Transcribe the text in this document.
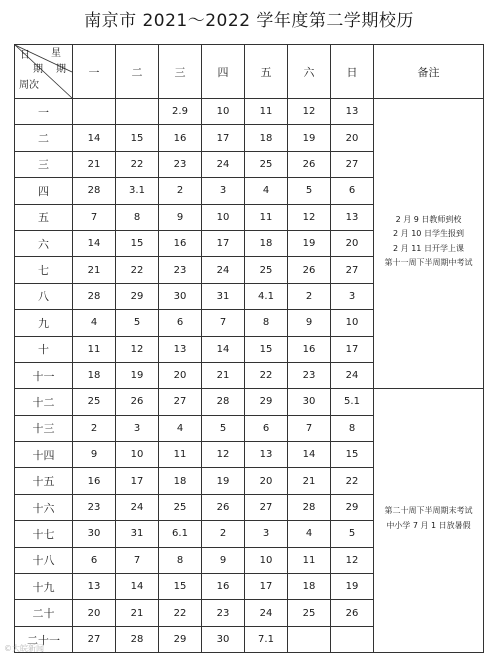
南京市 2021～2022 学年度第二学期校历
日 星
期 期
周次	一	二	三	四	五	六	日	备注
一			2.9	10	11	12	13	2 月 9 日教师到校

2 月 10 日学生报到

2 月 11 日开学上课

第十一周下半周期中考试

二	14	15	16	17	18	19	20	
三	21	22	23	24	25	26	27	
四	28	3.1	2	3	4	5	6	
五	7	8	9	10	11	12	13	
六	14	15	16	17	18	19	20	
七	21	22	23	24	25	26	27	
八	28	29	30	31	4.1	2	3	
九	4	5	6	7	8	9	10	
十	11	12	13	14	15	16	17	
十一	18	19	20	21	22	23	24	
十二	25	26	27	28	29	30	5.1	第二十周下半周期末考试

中小学 7 月 1 日放暑假

十三	2	3	4	5	6	7	8	
十四	9	10	11	12	13	14	15	
十五	16	17	18	19	20	21	22	
十六	23	24	25	26	27	28	29	
十七	30	31	6.1	2	3	4	5	
十八	6	7	8	9	10	11	12	
十九	13	14	15	16	17	18	19	
二十	20	21	22	23	24	25	26	
二十一	27	28	29	30	7.1			
©大皖新闻
